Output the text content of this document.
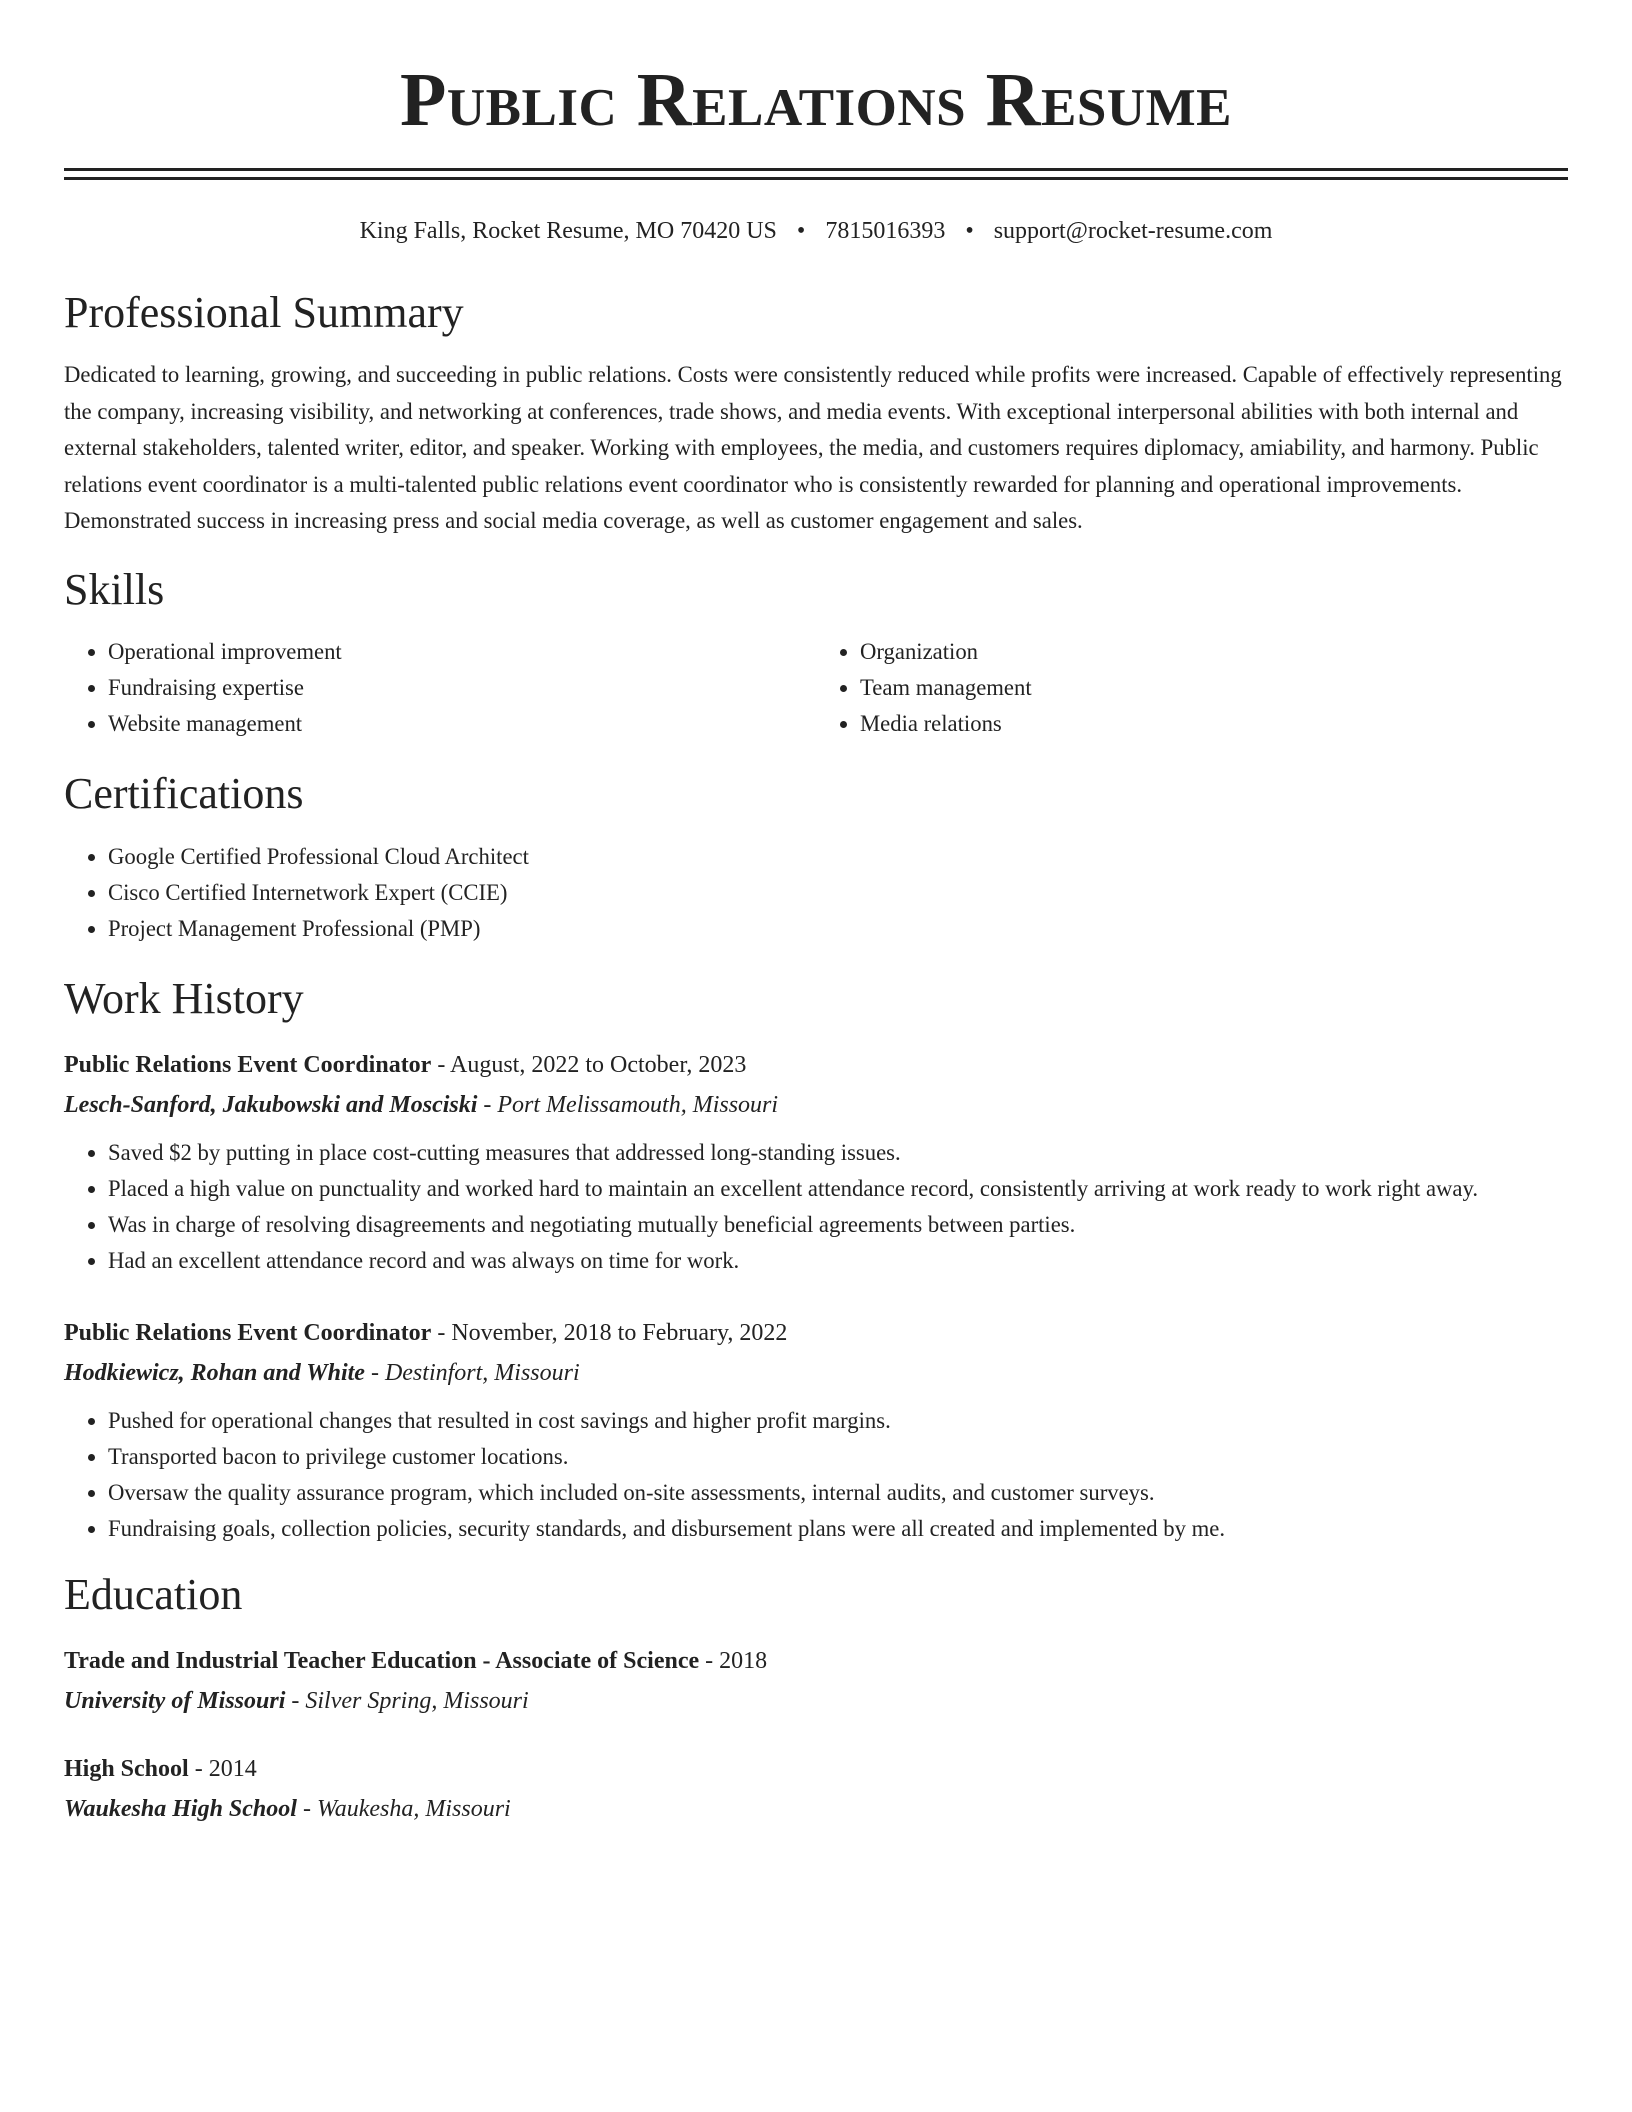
Public Relations Resume
King Falls, Rocket Resume, MO 70420 US • 7815016393 • support@rocket-resume.com
Professional Summary

Dedicated to learning, growing, and succeeding in public relations. Costs were consistently reduced while profits were increased. Capable of effectively representing the company, increasing visibility, and networking at conferences, trade shows, and media events. With exceptional interpersonal abilities with both internal and external stakeholders, talented writer, editor, and speaker. Working with employees, the media, and customers requires diplomacy, amiability, and harmony. Public relations event coordinator is a multi-talented public relations event coordinator who is consistently rewarded for planning and operational improvements. Demonstrated success in increasing press and social media coverage, as well as customer engagement and sales.

Skills
• Operational improvement
• Fundraising expertise
• Website management
• Organization
• Team management
• Media relations
Certifications
• Google Certified Professional Cloud Architect
• Cisco Certified Internetwork Expert (CCIE)
• Project Management Professional (PMP)
Work History
Public Relations Event Coordinator - August, 2022 to October, 2023
Lesch-Sanford, Jakubowski and Mosciski - Port Melissamouth, Missouri
• Saved $2 by putting in place cost-cutting measures that addressed long-standing issues.
• Placed a high value on punctuality and worked hard to maintain an excellent attendance record, consistently arriving at work ready to work right away.
• Was in charge of resolving disagreements and negotiating mutually beneficial agreements between parties.
• Had an excellent attendance record and was always on time for work.
Public Relations Event Coordinator - November, 2018 to February, 2022
Hodkiewicz, Rohan and White - Destinfort, Missouri
• Pushed for operational changes that resulted in cost savings and higher profit margins.
• Transported bacon to privilege customer locations.
• Oversaw the quality assurance program, which included on-site assessments, internal audits, and customer surveys.
• Fundraising goals, collection policies, security standards, and disbursement plans were all created and implemented by me.
Education
Trade and Industrial Teacher Education - Associate of Science - 2018
University of Missouri - Silver Spring, Missouri
High School - 2014
Waukesha High School - Waukesha, Missouri
